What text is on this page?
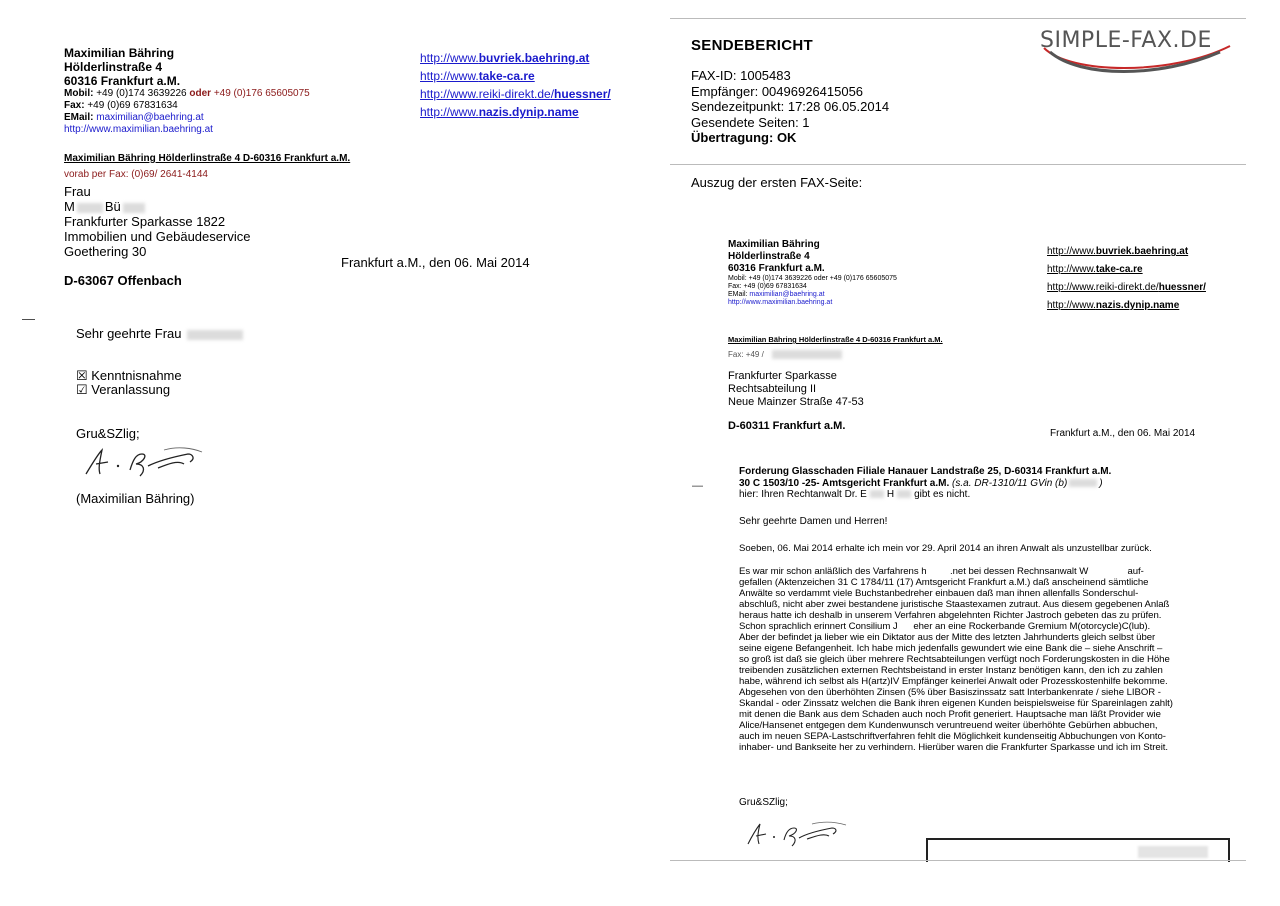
Maximilian Bähring
Hölderlinstraße 4
60316 Frankfurt a.M.
Mobil: +49 (0)174 3639226 oder +49 (0)176 65605075
Fax: +49 (0)69 67831634
EMail: maximilian@baehring.at
http://www.maximilian.baehring.at
http://www.buvriek.baehring.at
http://www.take-ca.re
http://www.reiki-direkt.de/huessner/
http://www.nazis.dynip.name
Maximilian Bähring Hölderlinstraße 4 D-60316 Frankfurt a.M.
vorab per Fax: (0)69/ 2641-4144
Frau
M Bü
Frankfurter Sparkasse 1822
Immobilien und Gebäudeservice
Goethering 30
D-63067 Offenbach
Frankfurt a.M., den 06. Mai 2014
—
Sehr geehrte Frau
☒ Kenntnisnahme
☑ Veranlassung
Gru&SZlig;
(Maximilian Bähring)
SENDEBERICHT	SIMPLE-FAX.DE
FAX-ID: 1005483
Empfänger: 00496926415056
Sendezeitpunkt: 17:28 06.05.2014
Gesendete Seiten: 1
Übertragung: OK
Auszug der ersten FAX-Seite:
Maximilian Bähring
Hölderlinstraße 4
60316 Frankfurt a.M.
Mobil: +49 (0)174 3639226 oder +49 (0)176 65605075
Fax: +49 (0)69 67831634
EMail: maximilian@baehring.at
http://www.maximilian.baehring.at
http://www.buvriek.baehring.at
http://www.take-ca.re
http://www.reiki-direkt.de/huessner/
http://www.nazis.dynip.name
Maximilian Bähring Hölderlinstraße 4 D-60316 Frankfurt a.M.
Fax: +49 /
Frankfurter Sparkasse
Rechtsabteilung II
Neue Mainzer Straße 47-53
D-60311 Frankfurt a.M.
Frankfurt a.M., den 06. Mai 2014
Forderung Glasschaden Filiale Hanauer Landstraße 25, D-60314 Frankfurt a.M.
30 C 1503/10 -25- Amtsgericht Frankfurt a.M. (s.a. DR-1310/11 GVin (b)	)
hier: Ihren Rechtanwalt Dr. E H gibt es nicht.
—
Sehr geehrte Damen und Herren!
Soeben, 06. Mai 2014 erhalte ich mein vor 29. April 2014 an ihren Anwalt als unzustellbar zurück.
Es war mir schon anläßlich des Varfahrens h         .net bei dessen Rechnsanwalt W               auf-
gefallen (Aktenzeichen 31 C 1784/11 (17) Amtsgericht Frankfurt a.M.) daß anscheinend sämtliche
Anwälte so verdammt viele Buchstanbedreher einbauen daß man ihnen allenfalls Sonderschul-
abschluß, nicht aber zwei bestandene juristische Staastexamen zutraut. Aus diesem gegebenen Anlaß
heraus hatte ich deshalb in unserem Verfahren abgelehnten Richter Jastroch gebeten das zu prüfen.
Schon sprachlich erinnert Consilium J      eher an eine Rockerbande Gremium M(otorcycle)C(lub).
Aber der befindet ja lieber wie ein Diktator aus der Mitte des letzten Jahrhunderts gleich selbst über
seine eigene Befangenheit. Ich habe mich jedenfalls gewundert wie eine Bank die – siehe Anschrift –
so groß ist daß sie gleich über mehrere Rechtsabteilungen verfügt noch Forderungskosten in die Höhe
treibenden zusätzlichen externen Rechtsbeistand in erster Instanz benötigen kann, den ich zu zahlen
habe, während ich selbst als H(artz)IV Empfänger keinerlei Anwalt oder Prozesskostenhilfe bekomme.
Abgesehen von den überhöhten Zinsen (5% über Basiszinssatz satt Interbankenrate / siehe LIBOR -
Skandal - oder Zinssatz welchen die Bank ihren eigenen Kunden beispielsweise für Spareinlagen zahlt)
mit denen die Bank aus dem Schaden auch noch Profit generiert. Hauptsache man läßt Provider wie
Alice/Hansenet entgegen dem Kundenwunsch veruntreuend weiter überhöhte Gebürhen abbuchen,
auch im neuen SEPA-Lastschriftverfahren fehlt die Möglichkeit kundenseitig Abbuchungen von Konto-
inhaber- und Bankseite her zu verhindern. Hierüber waren die Frankfurter Sparkasse und ich im Streit.
Gru&SZlig;
